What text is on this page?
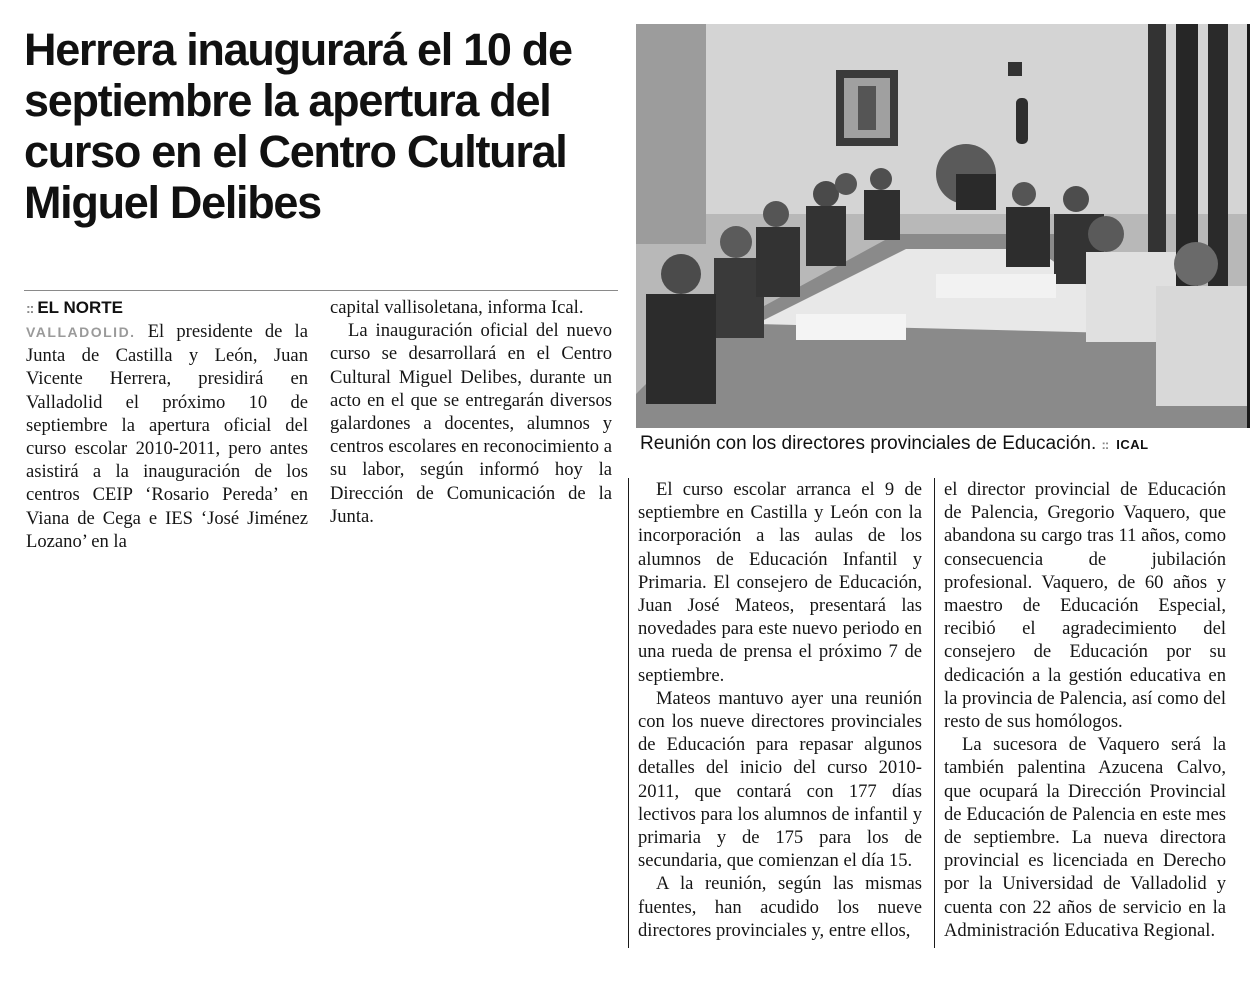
Herrera inaugurará el 10 de septiembre la apertura del curso en el Centro Cultural Miguel Delibes
:: EL NORTE

Reunión con los directores provinciales de Educación. :: ICAL

VALLADOLID. El presidente de la Junta de Castilla y León, Juan Vicente Herrera, presidirá en Valladolid el próximo 10 de septiembre la apertura oficial del curso escolar 2010-2011, pero antes asistirá a la inauguración de los centros CEIP ‘Rosario Pereda’ en Viana de Cega e IES ‘José Jiménez Lozano’ en la

capital vallisoletana, informa Ical.

La inauguración oficial del nuevo curso se desarrollará en el Centro Cultural Miguel Delibes, durante un acto en el que se entregarán diversos galardones a docentes, alumnos y centros escolares en reconocimiento a su labor, según informó hoy la Dirección de Comunicación de la Junta.

El curso escolar arranca el 9 de septiembre en Castilla y León con la incorporación a las aulas de los alumnos de Educación Infantil y Primaria. El consejero de Educación, Juan José Mateos, presentará las novedades para este nuevo periodo en una rueda de prensa el próximo 7 de septiembre.

Mateos mantuvo ayer una reunión con los nueve directores provinciales de Educación para repasar algunos detalles del inicio del curso 2010-2011, que contará con 177 días lectivos para los alumnos de infantil y primaria y de 175 para los de secundaria, que comienzan el día 15.

A la reunión, según las mismas fuentes, han acudido los nueve directores provinciales y, entre ellos,

el director provincial de Educación de Palencia, Gregorio Vaquero, que abandona su cargo tras 11 años, como consecuencia de jubilación profesional. Vaquero, de 60 años y maestro de Educación Especial, recibió el agradecimiento del consejero de Educación por su dedicación a la gestión educativa en la provincia de Palencia, así como del resto de sus homólogos.

La sucesora de Vaquero será la también palentina Azucena Calvo, que ocupará la Dirección Provincial de Educación de Palencia en este mes de septiembre. La nueva directora provincial es licenciada en Derecho por la Universidad de Valladolid y cuenta con 22 años de servicio en la Administración Educativa Regional.
